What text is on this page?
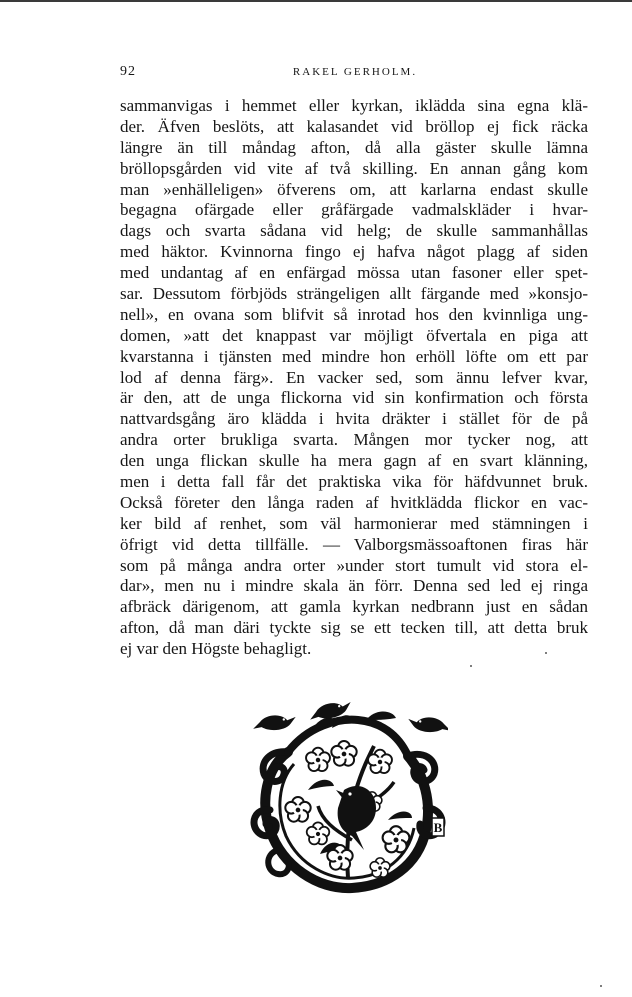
92	RAKEL GERHOLM.
sammanvigas i hemmet eller kyrkan, iklädda sina egna klä-
der. Äfven beslöts, att kalasandet vid bröllop ej fick räcka
längre än till måndag afton, då alla gäster skulle lämna
bröllopsgården vid vite af två skilling. En annan gång kom
man »enhälleligen» öfverens om, att karlarna endast skulle
begagna ofärgade eller gråfärgade vadmalskläder i hvar-
dags och svarta sådana vid helg; de skulle sammanhållas
med häktor. Kvinnorna fingo ej hafva något plagg af siden
med undantag af en enfärgad mössa utan fasoner eller spet-
sar. Dessutom förbjöds strängeligen allt färgande med »konsjo-
nell», en ovana som blifvit så inrotad hos den kvinnliga ung-
domen, »att det knappast var möjligt öfvertala en piga att
kvarstanna i tjänsten med mindre hon erhöll löfte om ett par
lod af denna färg». En vacker sed, som ännu lefver kvar,
är den, att de unga flickorna vid sin konfirmation och första
nattvardsgång äro klädda i hvita dräkter i stället för de på
andra orter brukliga svarta. Mången mor tycker nog, att
den unga flickan skulle ha mera gagn af en svart klänning,
men i detta fall får det praktiska vika för häfdvunnet bruk.
Också företer den långa raden af hvitklädda flickor en vac-
ker bild af renhet, som väl harmonierar med stämningen i
öfrigt vid detta tillfälle. — Valborgsmässoaftonen firas här
som på många andra orter »under stort tumult vid stora el-
dar», men nu i mindre skala än förr. Denna sed led ej ringa
afbräck därigenom, att gamla kyrkan nedbrann just en sådan
afton, då man däri tyckte sig se ett tecken till, att detta bruk
ej var den Högste behagligt.
B
